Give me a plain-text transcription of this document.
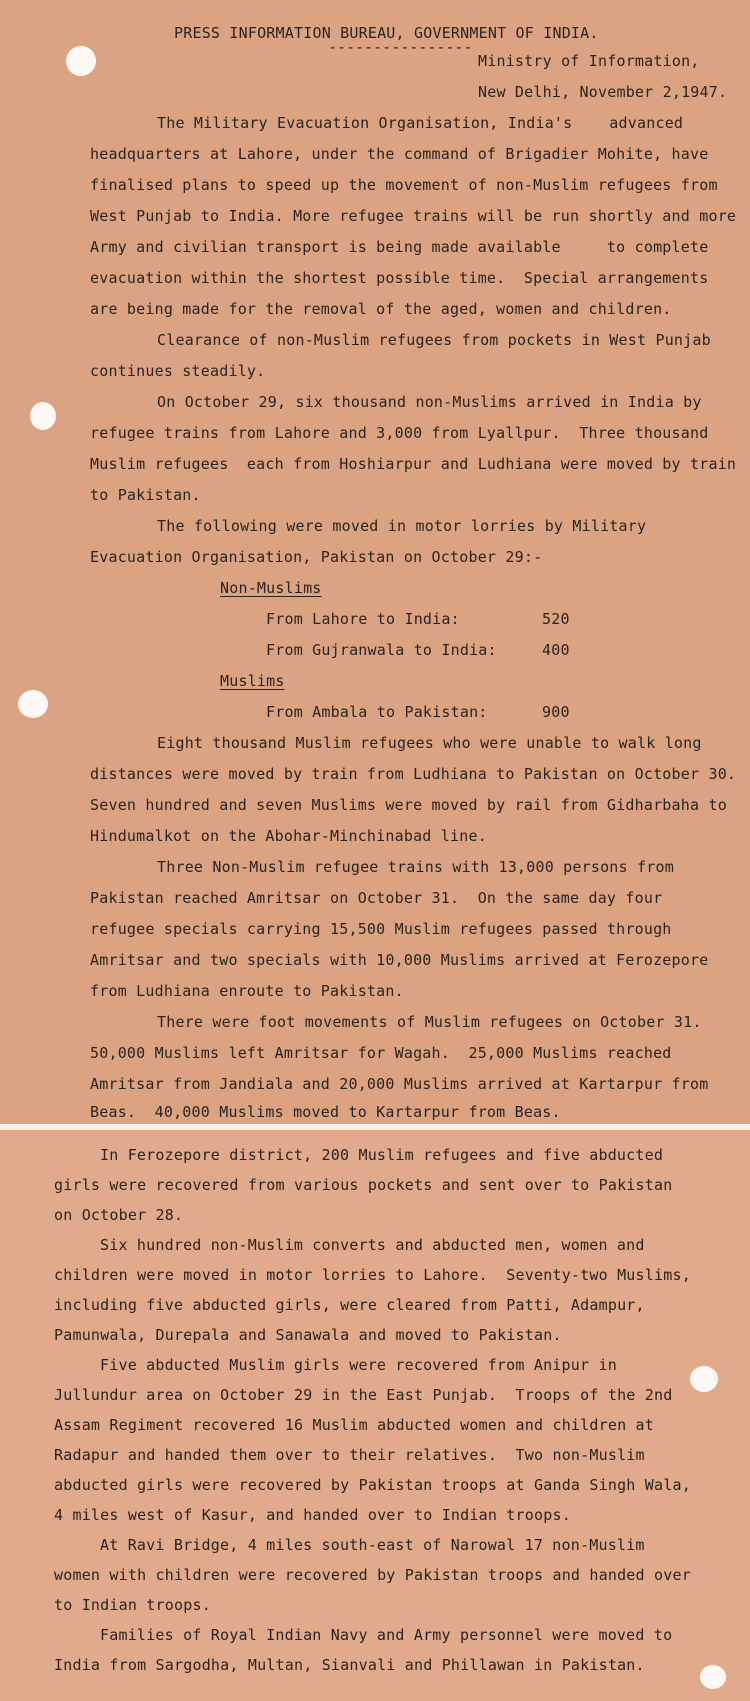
PRESS INFORMATION BUREAU, GOVERNMENT OF INDIA.
----------------
Ministry of Information,
New Delhi, November 2,1947.
The Military Evacuation Organisation, India's    advanced
headquarters at Lahore, under the command of Brigadier Mohite, have
finalised plans to speed up the movement of non-Muslim refugees from
West Punjab to India. More refugee trains will be run shortly and more
Army and civilian transport is being made available     to complete
evacuation within the shortest possible time.  Special arrangements
are being made for the removal of the aged, women and children.
Clearance of non-Muslim refugees from pockets in West Punjab
continues steadily.
On October 29, six thousand non-Muslims arrived in India by
refugee trains from Lahore and 3,000 from Lyallpur.  Three thousand
Muslim refugees  each from Hoshiarpur and Ludhiana were moved by train
to Pakistan.
The following were moved in motor lorries by Military
Evacuation Organisation, Pakistan on October 29:-
Non-Muslims
From Lahore to India:	520
From Gujranwala to India:	400
Muslims
From Ambala to Pakistan:	900
Eight thousand Muslim refugees who were unable to walk long
distances were moved by train from Ludhiana to Pakistan on October 30.
Seven hundred and seven Muslims were moved by rail from Gidharbaha to
Hindumalkot on the Abohar-Minchinabad line.
Three Non-Muslim refugee trains with 13,000 persons from
Pakistan reached Amritsar on October 31.  On the same day four
refugee specials carrying 15,500 Muslim refugees passed through
Amritsar and two specials with 10,000 Muslims arrived at Ferozepore
from Ludhiana enroute to Pakistan.
There were foot movements of Muslim refugees on October 31.
50,000 Muslims left Amritsar for Wagah.  25,000 Muslims reached
Amritsar from Jandiala and 20,000 Muslims arrived at Kartarpur from
Beas.  40,000 Muslims moved to Kartarpur from Beas.
In Ferozepore district, 200 Muslim refugees and five abducted
girls were recovered from various pockets and sent over to Pakistan
on October 28.
Six hundred non-Muslim converts and abducted men, women and
children were moved in motor lorries to Lahore.  Seventy-two Muslims,
including five abducted girls, were cleared from Patti, Adampur,
Pamunwala, Durepala and Sanawala and moved to Pakistan.
Five abducted Muslim girls were recovered from Anipur in
Jullundur area on October 29 in the East Punjab.  Troops of the 2nd
Assam Regiment recovered 16 Muslim abducted women and children at
Radapur and handed them over to their relatives.  Two non-Muslim
abducted girls were recovered by Pakistan troops at Ganda Singh Wala,
4 miles west of Kasur, and handed over to Indian troops.
At Ravi Bridge, 4 miles south-east of Narowal 17 non-Muslim
women with children were recovered by Pakistan troops and handed over
to Indian troops.
Families of Royal Indian Navy and Army personnel were moved to
India from Sargodha, Multan, Sianvali and Phillawan in Pakistan.
